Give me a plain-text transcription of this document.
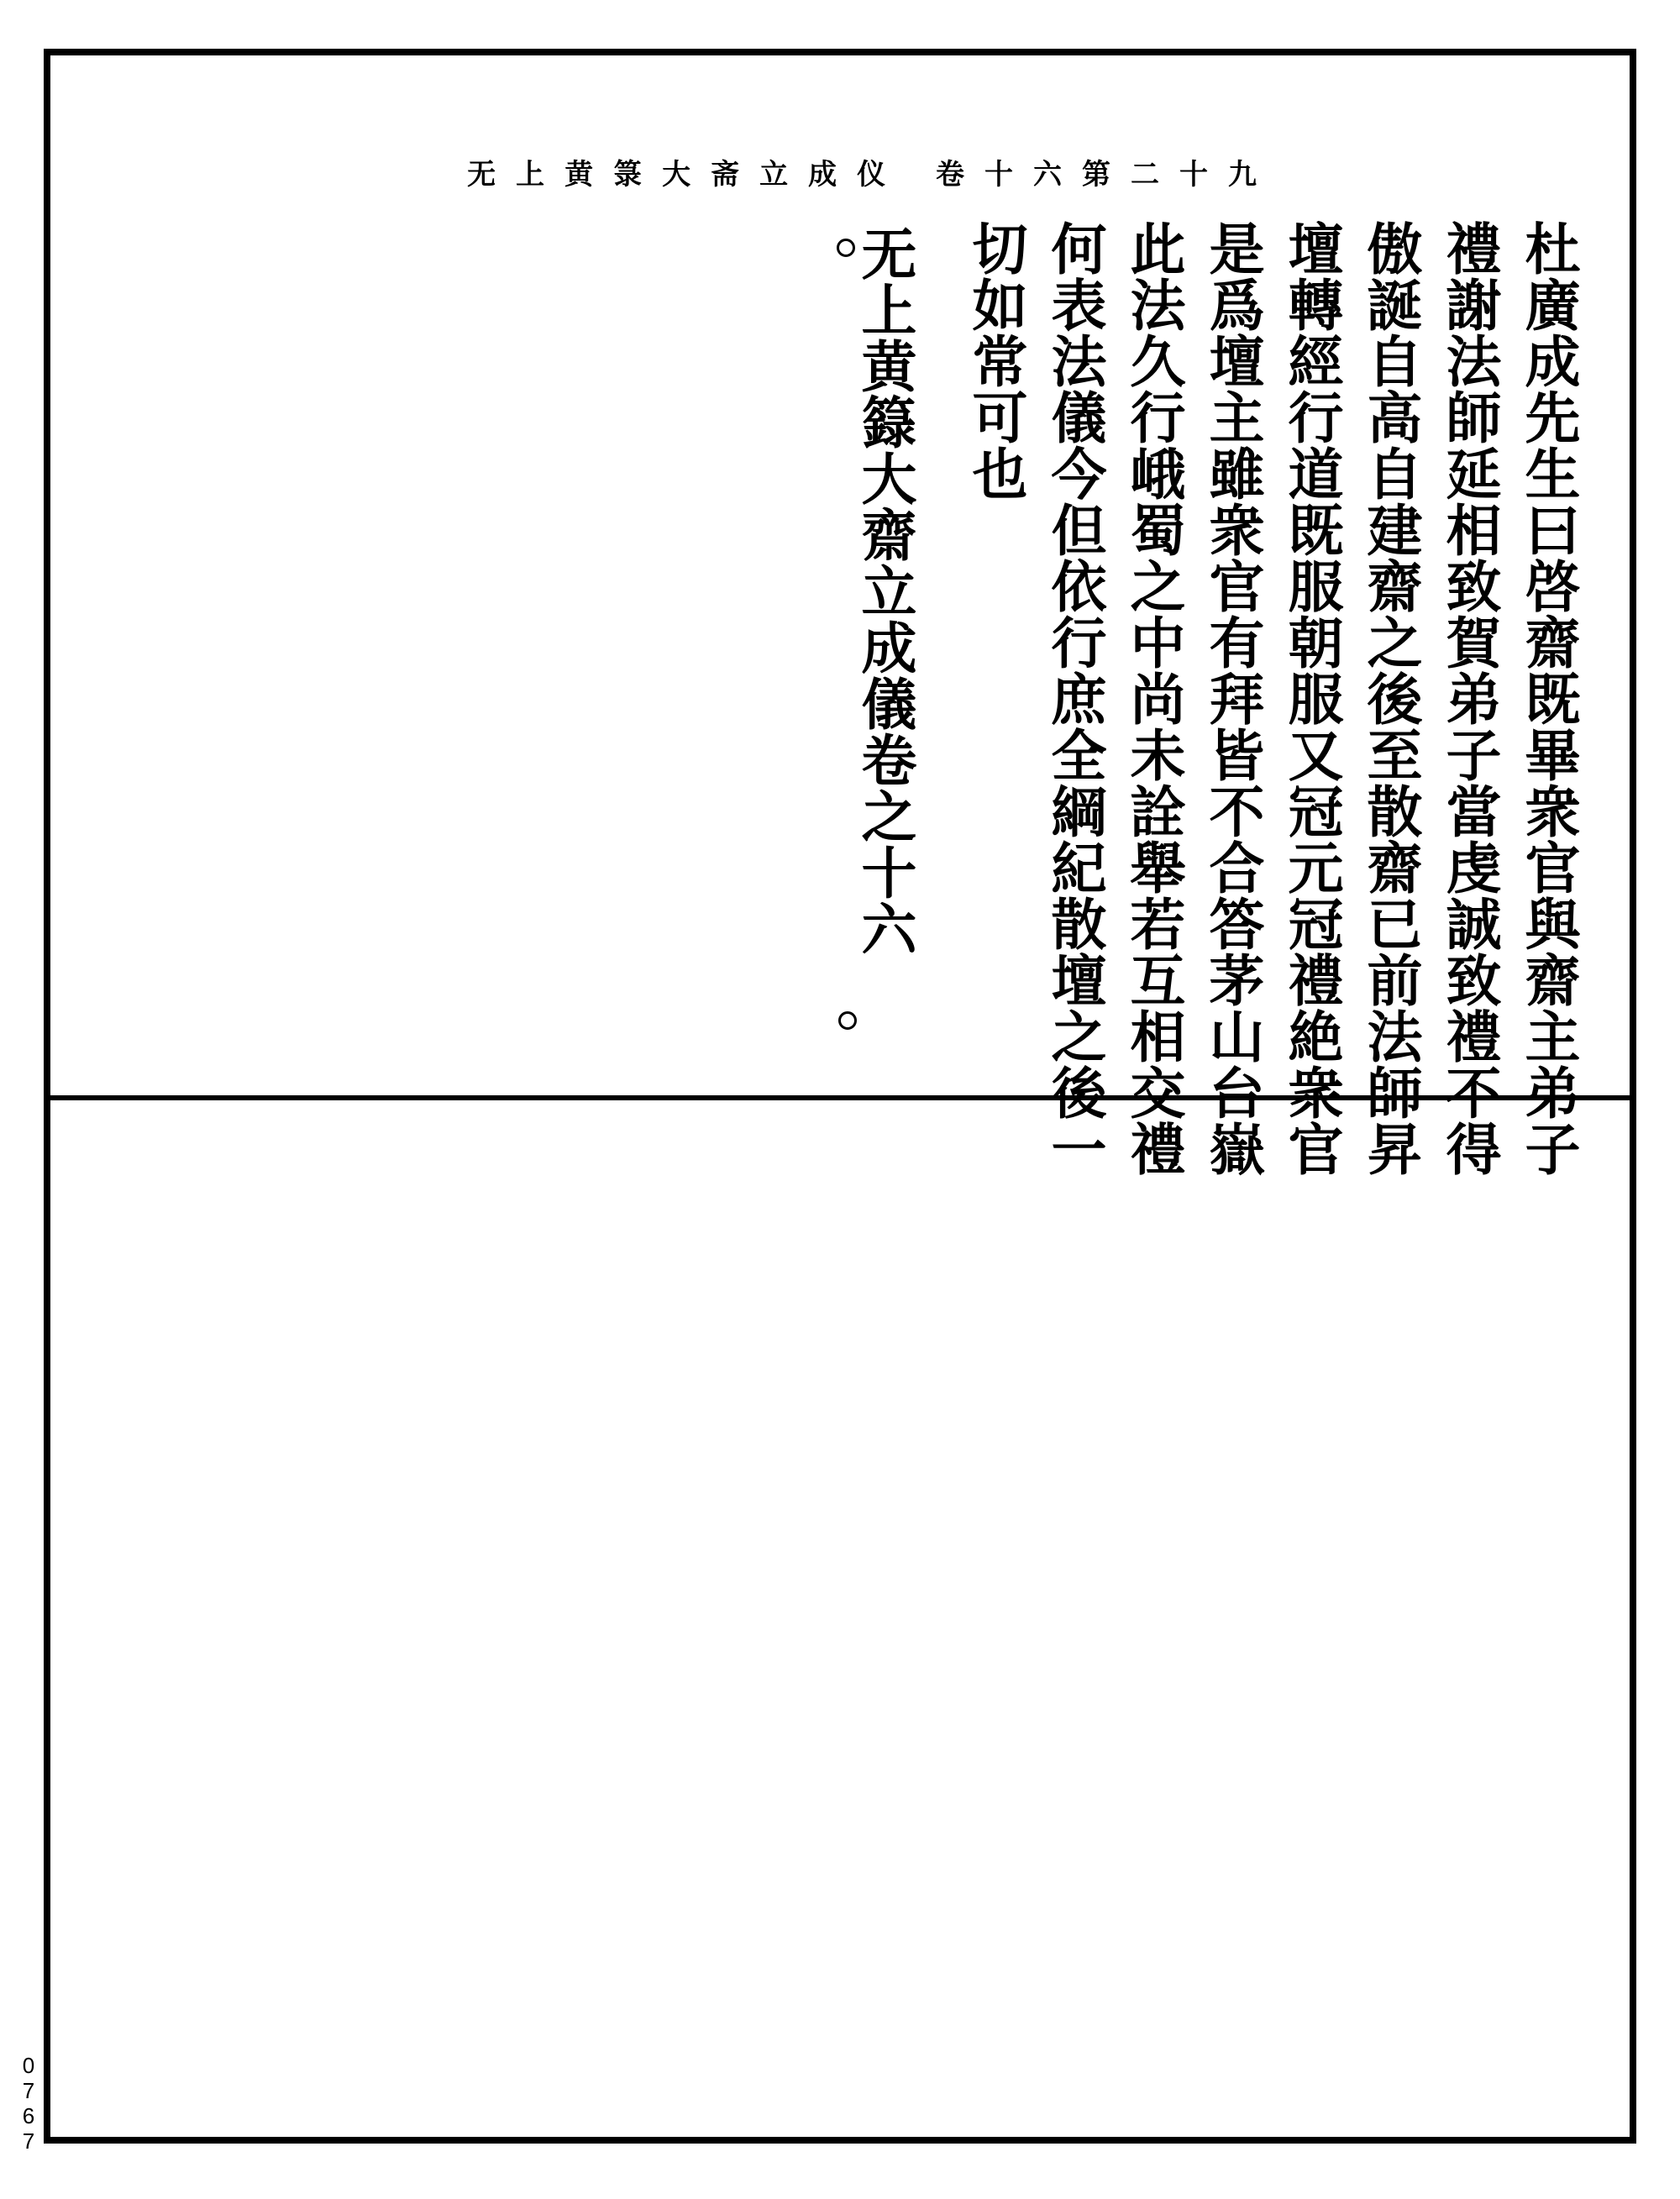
无上黄箓大斋立成仪 卷十六第二十九
杜廣成先生曰啓齋既畢衆官與齋主弟子
禮謝法師延相致賀弟子當虔誠致禮不得
傲誕自高自建齋之後至散齋已前法師昇
壇轉經行道既服朝服又冠元冠禮絶衆官
是爲壇主雖衆官有拜皆不合答茅山台嶽
此法久行峨蜀之中尚未詮舉若互相交禮
何表法儀今但依行庶全綱紀散壇之後一
切如常可也
无上黄籙大齋立成儀卷之十六
0767
